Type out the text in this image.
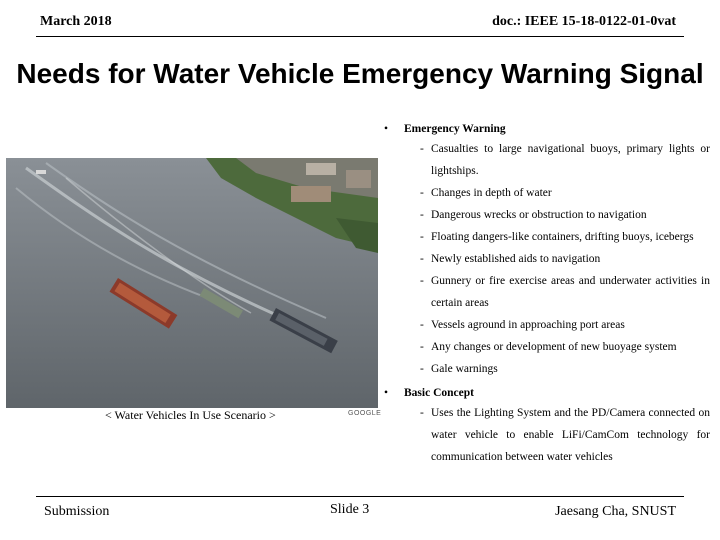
March 2018	doc.: IEEE 15-18-0122-01-0vat
Needs for Water Vehicle Emergency Warning Signal
< Water Vehicles In Use Scenario >	GOOGLE
• Emergency Warning
- Casualties to large navigational buoys, primary lights or lightships.
- Changes in depth of water
- Dangerous wrecks or obstruction to navigation
- Floating dangers-like containers, drifting buoys, icebergs
- Newly established aids to navigation
- Gunnery or fire exercise areas and underwater activities in certain areas
- Vessels aground in approaching port areas
- Any changes or development of new buoyage system
- Gale warnings
• Basic Concept
- Uses the Lighting System and the PD/Camera connected on water vehicle to enable LiFi/CamCom technology for communication between water vehicles
Submission	Slide 3	Jaesang Cha, SNUST
